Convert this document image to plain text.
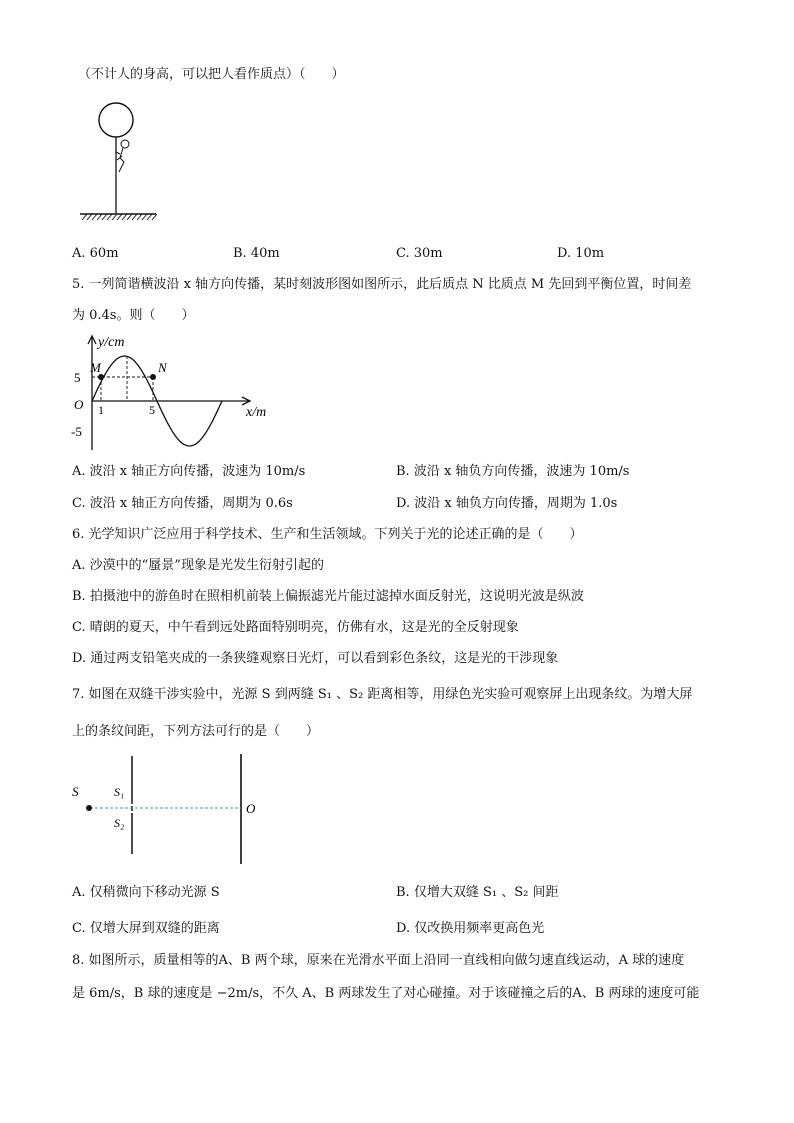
（不计人的身高，可以把人看作质点）（　　）
A. 60m	B. 40m	C. 30m	D. 10m
5. 一列简谐横波沿 x 轴方向传播，某时刻波形图如图所示，此后质点 N 比质点 M 先回到平衡位置，时间差
为 0.4s。则（　　）
y/cm
x/m
O
5
-5
1	5
M	N
A. 波沿 x 轴正方向传播，波速为 10m/s	B. 波沿 x 轴负方向传播，波速为 10m/s
C. 波沿 x 轴正方向传播，周期为 0.6s	D. 波沿 x 轴负方向传播，周期为 1.0s
6. 光学知识广泛应用于科学技术、生产和生活领域。下列关于光的论述正确的是（　　）
A. 沙漠中的“蜃景”现象是光发生衍射引起的
B. 拍摄池中的游鱼时在照相机前装上偏振滤光片能过滤掉水面反射光，这说明光波是纵波
C. 晴朗的夏天，中午看到远处路面特别明亮，仿佛有水，这是光的全反射现象
D. 通过两支铅笔夹成的一条狭缝观察日光灯，可以看到彩色条纹，这是光的干涉现象
7. 如图在双缝干涉实验中，光源 S 到两缝 S₁ 、S₂ 距离相等，用绿色光实验可观察屏上出现条纹。为增大屏
上的条纹间距，下列方法可行的是（　　）
S	S₁
S₂
O
A. 仅稍微向下移动光源 S	B. 仅增大双缝 S₁ 、S₂ 间距
C. 仅增大屏到双缝的距离	D. 仅改换用频率更高色光
8. 如图所示，质量相等的A、B 两个球，原来在光滑水平面上沿同一直线相向做匀速直线运动，A 球的速度
是 6m/s，B 球的速度是 −2m/s，不久 A、B 两球发生了对心碰撞。对于该碰撞之后的A、B 两球的速度可能
